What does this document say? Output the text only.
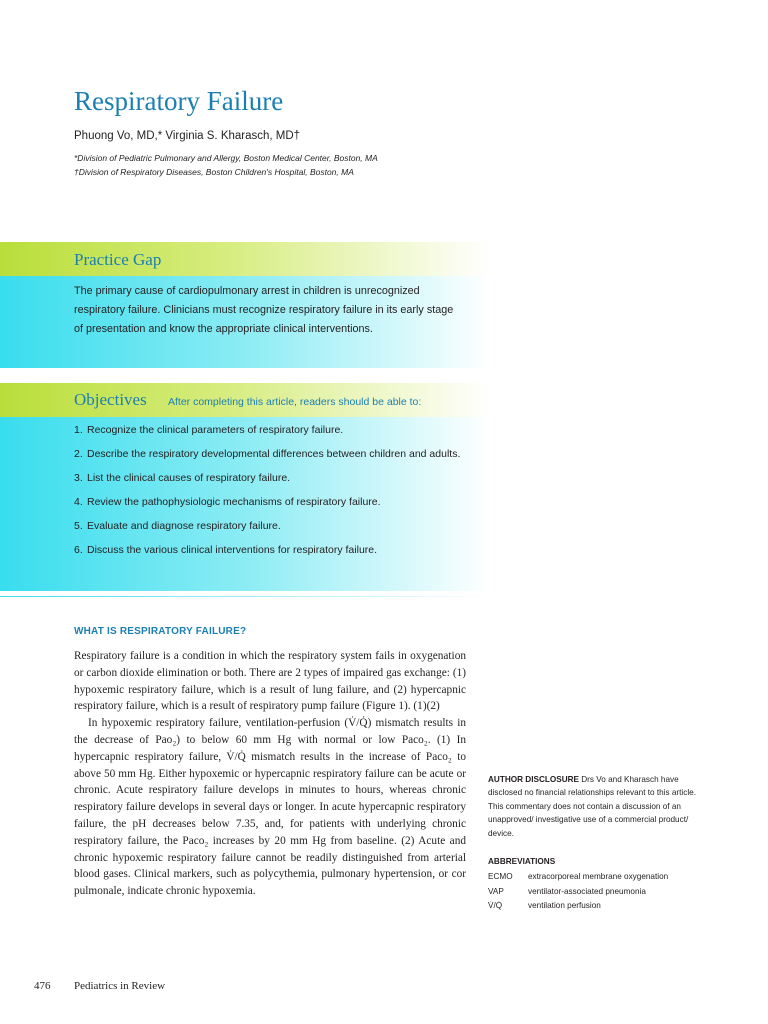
Respiratory Failure
Phuong Vo, MD,* Virginia S. Kharasch, MD†
*Division of Pediatric Pulmonary and Allergy, Boston Medical Center, Boston, MA
†Division of Respiratory Diseases, Boston Children's Hospital, Boston, MA
Practice Gap

The primary cause of cardiopulmonary arrest in children is unrecognized respiratory failure. Clinicians must recognize respiratory failure in its early stage of presentation and know the appropriate clinical interventions.

Objectives After completing this article, readers should be able to:
1. Recognize the clinical parameters of respiratory failure.
2. Describe the respiratory developmental differences between children and adults.
3. List the clinical causes of respiratory failure.
4. Review the pathophysiologic mechanisms of respiratory failure.
5. Evaluate and diagnose respiratory failure.
6. Discuss the various clinical interventions for respiratory failure.
WHAT IS RESPIRATORY FAILURE?

Respiratory failure is a condition in which the respiratory system fails in oxygenation or carbon dioxide elimination or both. There are 2 types of impaired gas exchange: (1) hypoxemic respiratory failure, which is a result of lung failure, and (2) hypercapnic respiratory failure, which is a result of respiratory pump failure (Figure 1). (1)(2)

In hypoxemic respiratory failure, ventilation-perfusion (V̇/Q̇) mismatch results in the decrease of Pao₂) to below 60 mm Hg with normal or low Paco₂. (1) In hypercapnic respiratory failure, V̇/Q̇ mismatch results in the increase of Paco₂ to above 50 mm Hg. Either hypoxemic or hypercapnic respiratory failure can be acute or chronic. Acute respiratory failure develops in minutes to hours, whereas chronic respiratory failure develops in several days or longer. In acute hypercapnic respiratory failure, the pH decreases below 7.35, and, for patients with underlying chronic respiratory failure, the Paco₂ increases by 20 mm Hg from baseline. (2) Acute and chronic hypoxemic respiratory failure cannot be readily distinguished from arterial blood gases. Clinical markers, such as polycythemia, pulmonary hypertension, or cor pulmonale, indicate chronic hypoxemia.

AUTHOR DISCLOSURE Drs Vo and Kharasch have disclosed no financial relationships relevant to this article. This commentary does not contain a discussion of an unapproved/ investigative use of a commercial product/ device.

ABBREVIATIONS
ECMO	extracorporeal membrane oxygenation
VAP	ventilator-associated pneumonia
V̇/Q̇	ventilation perfusion
476 Pediatrics in Review
